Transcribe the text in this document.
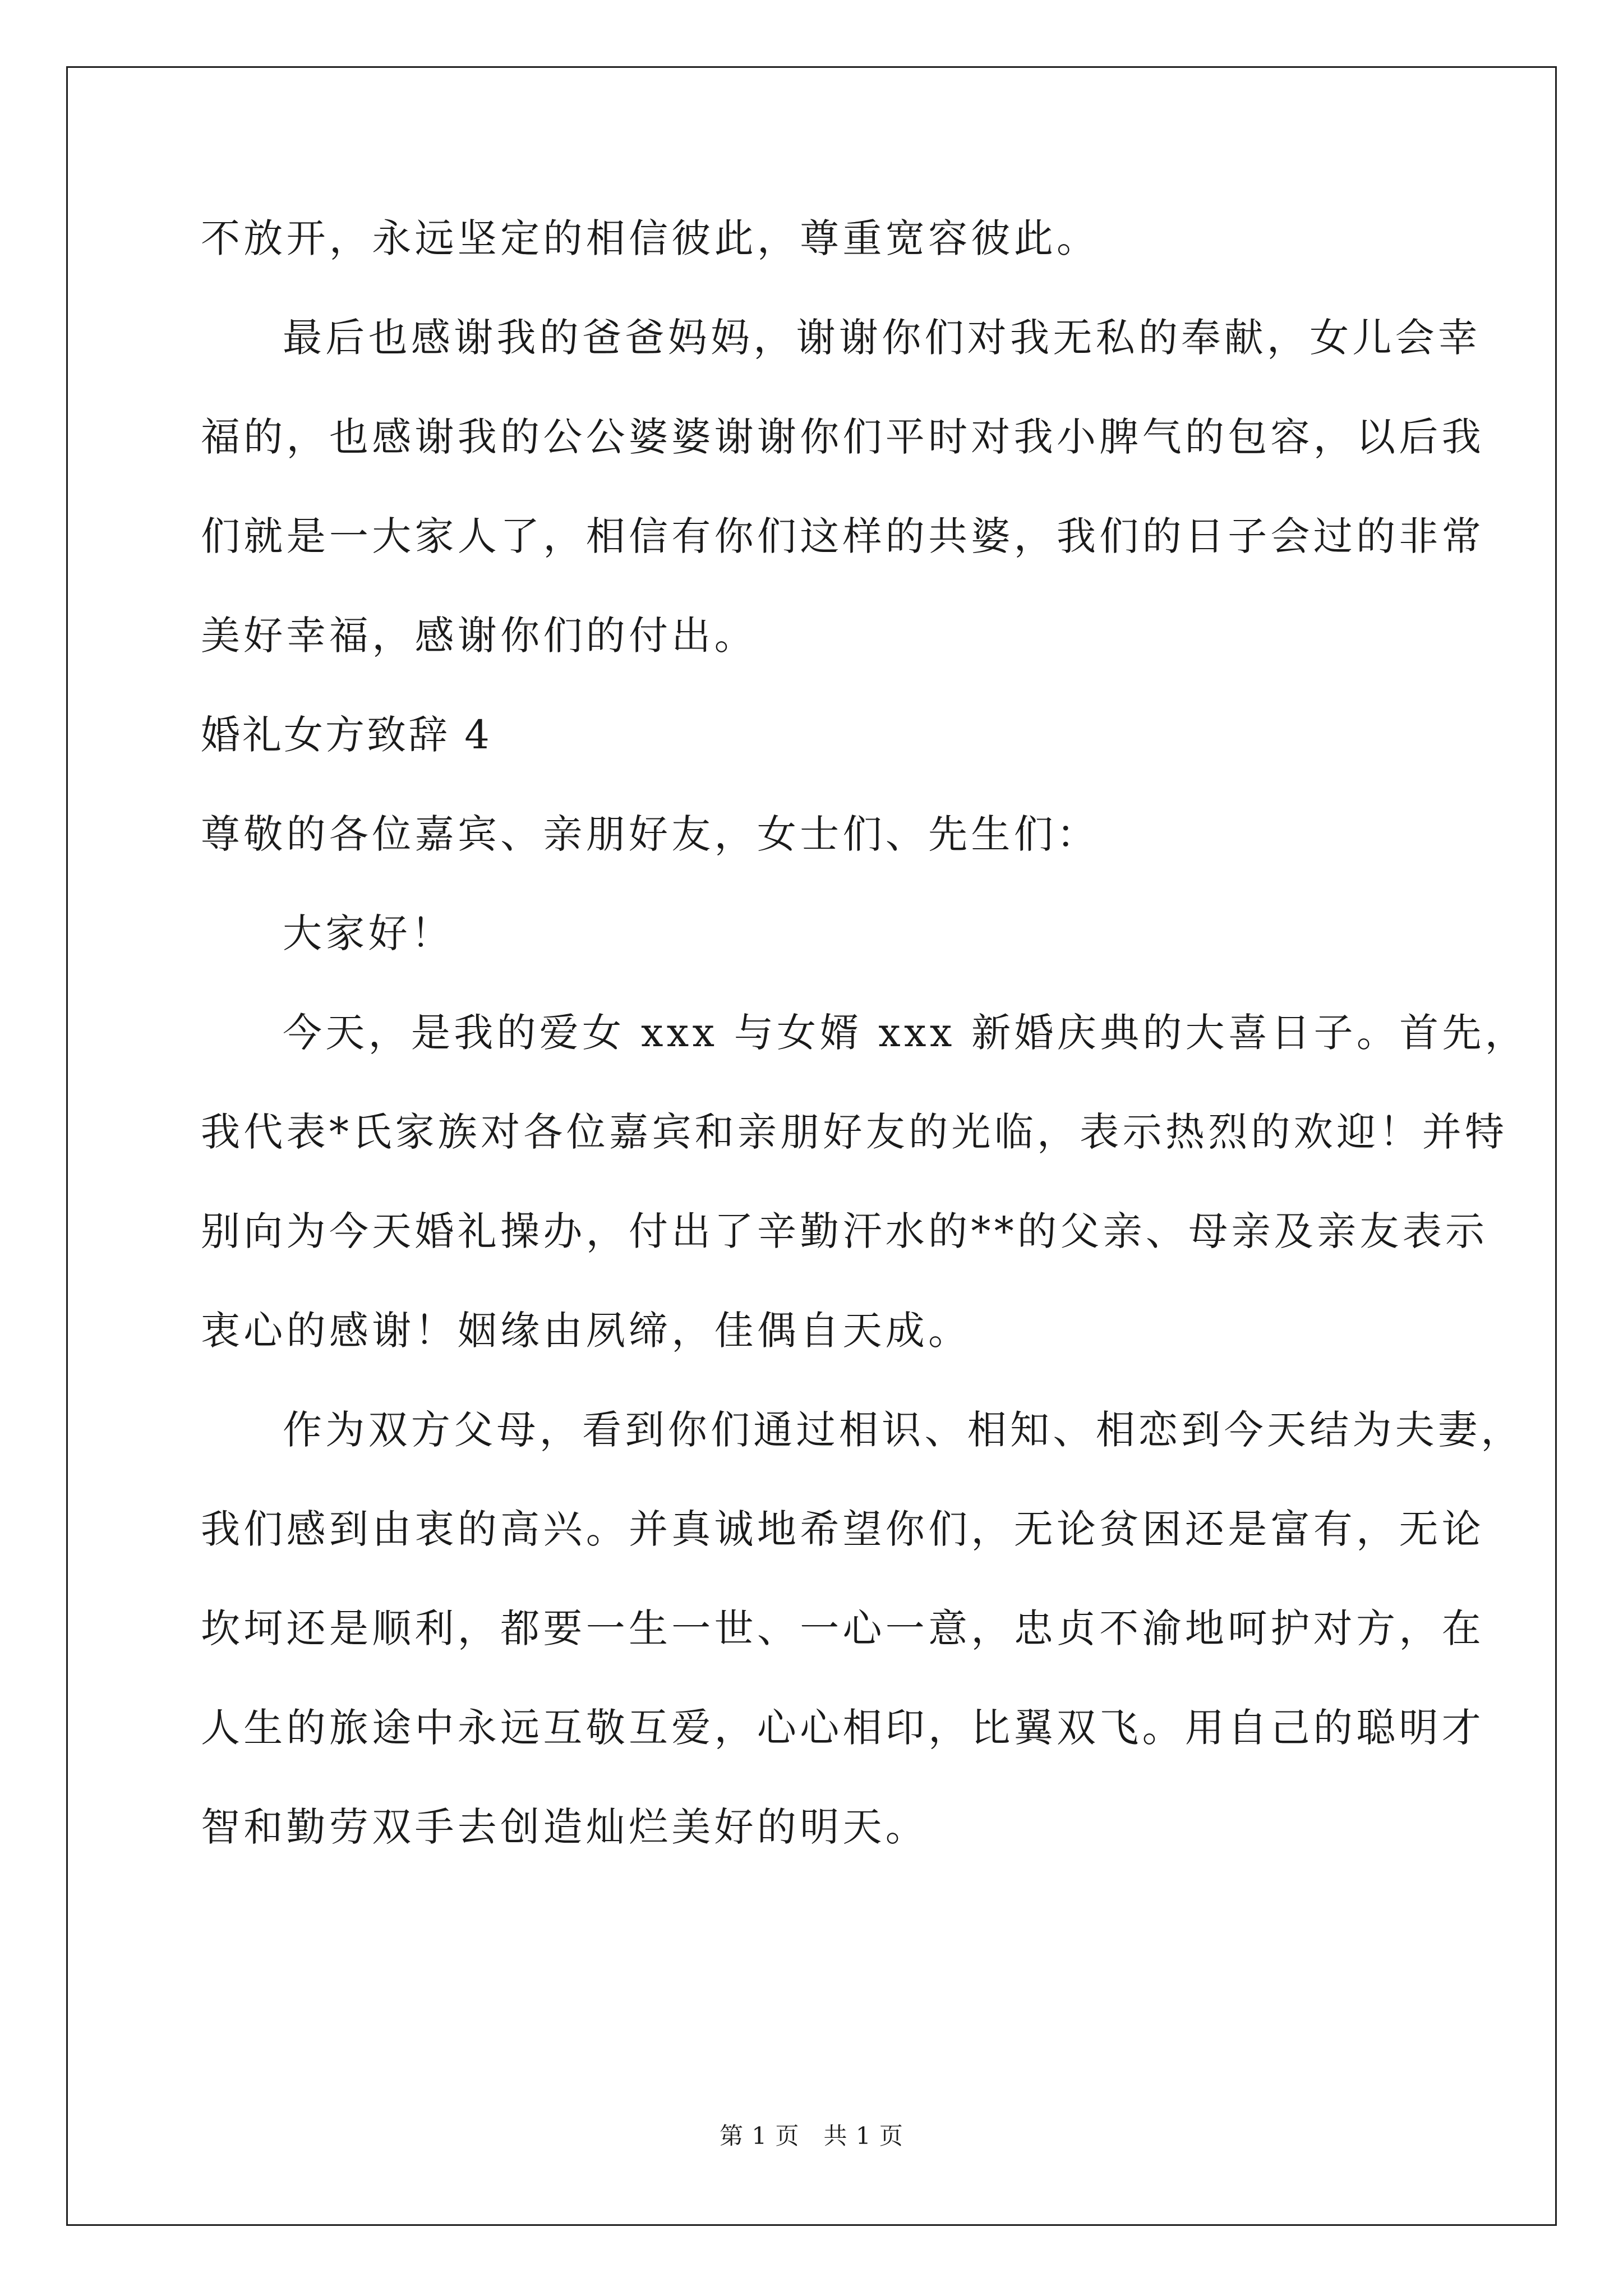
不放开，永远坚定的相信彼此，尊重宽容彼此。
最后也感谢我的爸爸妈妈，谢谢你们对我无私的奉献，女儿会幸
福的，也感谢我的公公婆婆谢谢你们平时对我小脾气的包容，以后我
们就是一大家人了，相信有你们这样的共婆，我们的日子会过的非常
美好幸福，感谢你们的付出。
婚礼女方致辞 4
尊敬的各位嘉宾、亲朋好友，女士们、先生们：
大家好！
今天，是我的爱女 xxx 与女婿 xxx 新婚庆典的大喜日子。首先，
我代表*氏家族对各位嘉宾和亲朋好友的光临，表示热烈的欢迎！并特
别向为今天婚礼操办，付出了辛勤汗水的**的父亲、母亲及亲友表示
衷心的感谢！姻缘由夙缔，佳偶自天成。
作为双方父母，看到你们通过相识、相知、相恋到今天结为夫妻，
我们感到由衷的高兴。并真诚地希望你们，无论贫困还是富有，无论
坎坷还是顺利，都要一生一世、一心一意，忠贞不渝地呵护对方，在
人生的旅途中永远互敬互爱，心心相印，比翼双飞。用自己的聪明才
智和勤劳双手去创造灿烂美好的明天。
第 1 页　共 1 页
